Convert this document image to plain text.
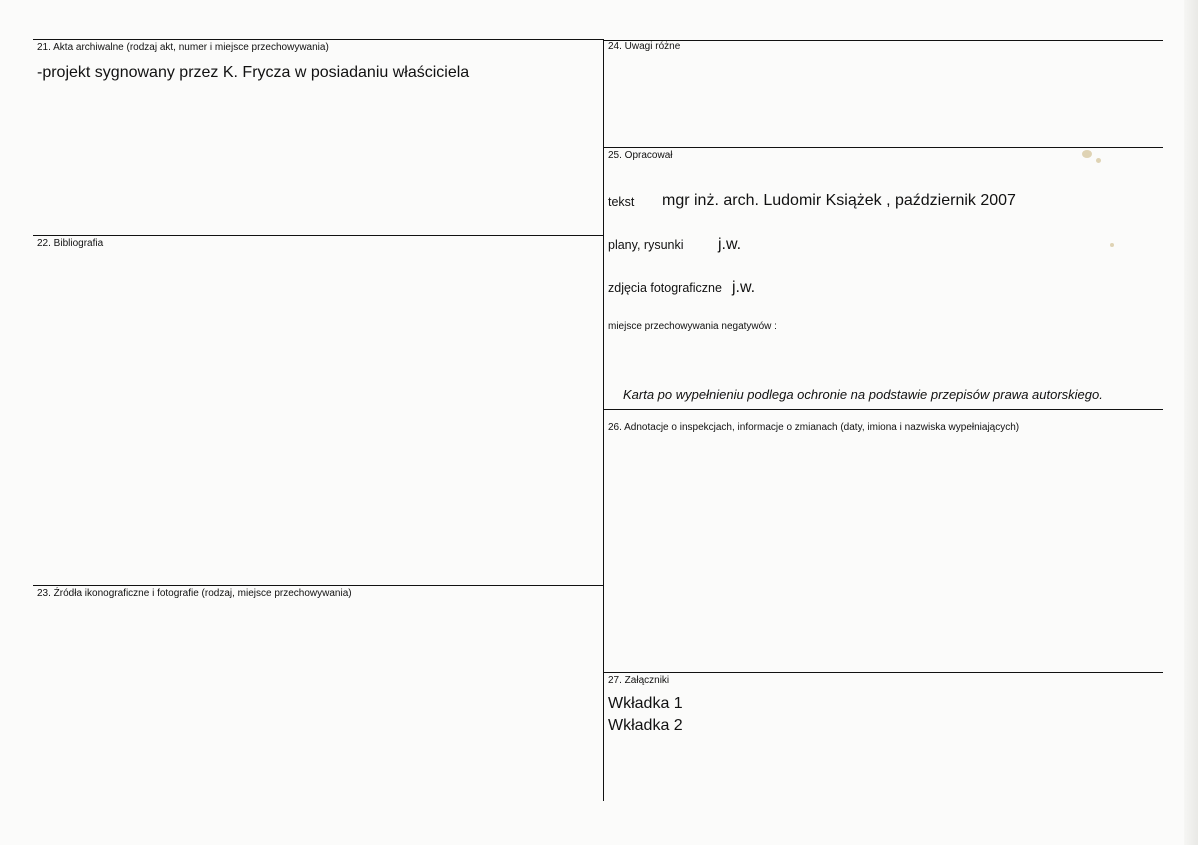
21. Akta archiwalne (rodzaj akt, numer i miejsce przechowywania)
-projekt sygnowany przez K. Frycza w posiadaniu właściciela
22. Bibliografia
23. Źródła ikonograficzne i fotografie (rodzaj, miejsce przechowywania)
24. Uwagi różne
25. Opracował
tekst mgr inż. arch. Ludomir Książek , październik 2007
plany, rysunki j.w.
zdjęcia fotograficzne j.w.
miejsce przechowywania negatywów :
Karta po wypełnieniu podlega ochronie na podstawie przepisów prawa autorskiego.
26. Adnotacje o inspekcjach, informacje o zmianach (daty, imiona i nazwiska wypełniających)
27. Załączniki
Wkładka 1
Wkładka 2
